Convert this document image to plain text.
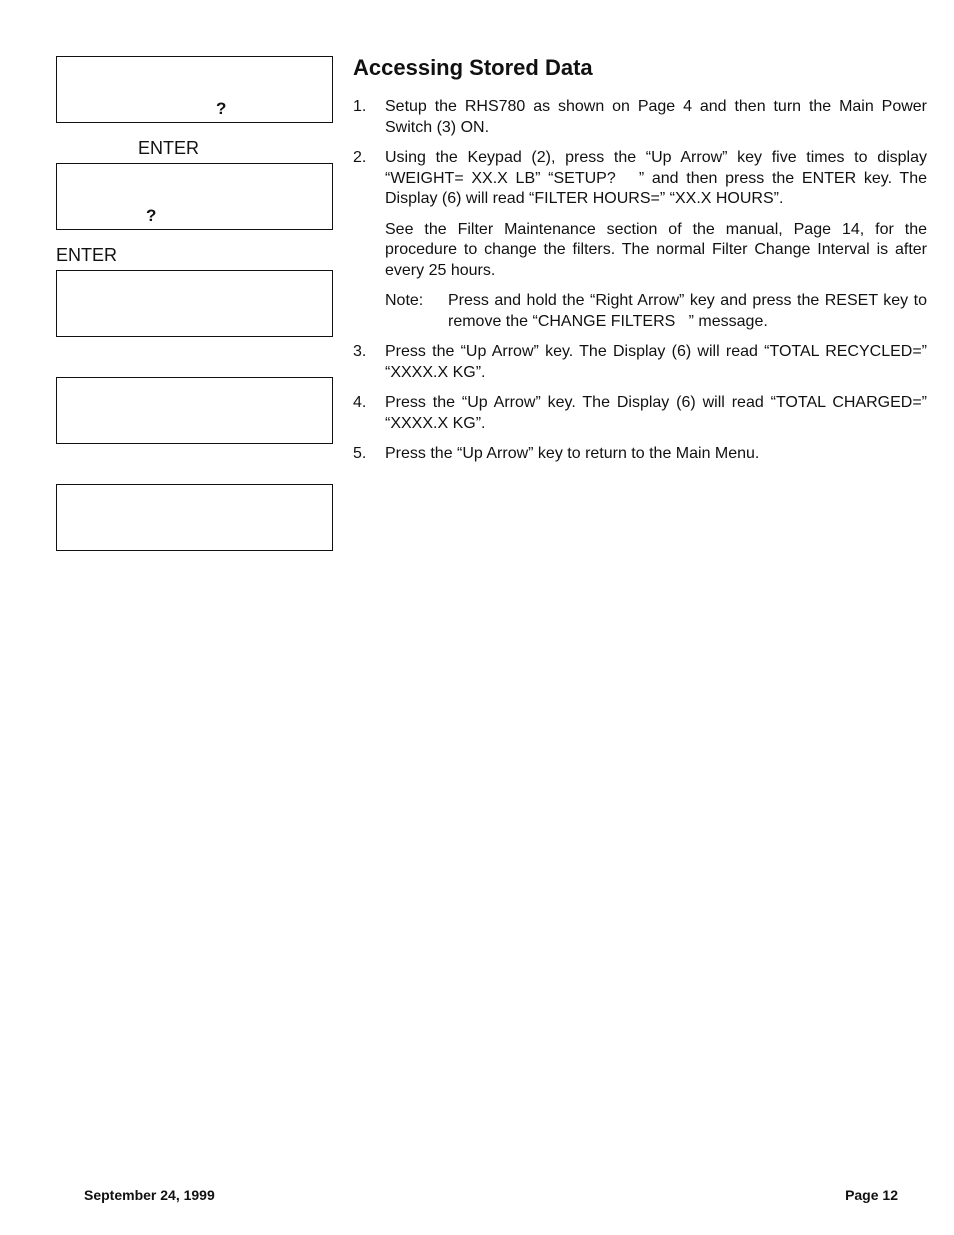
?
ENTER
?
ENTER
Accessing Stored Data
1. Setup the RHS780 as shown on Page 4 and then turn the Main Power Switch (3) ON.
2. Using the Keypad (2), press the “Up Arrow” key five times to display “WEIGHT= XX.X LB” “SETUP?   ” and then press the ENTER key. The Display (6) will read “FILTER HOURS=” “XX.X HOURS”.
See the Filter Maintenance section of the manual, Page 14, for the procedure to change the filters. The normal Filter Change Interval is after every 25 hours.
Note: Press and hold the “Right Arrow” key and press the RESET key to remove the “CHANGE FILTERS   ” message.
3. Press the “Up Arrow” key. The Display (6) will read “TOTAL RECYCLED=” “XXXX.X KG”.
4. Press the “Up Arrow” key. The Display (6) will read “TOTAL CHARGED=” “XXXX.X KG”.
5. Press the “Up Arrow” key to return to the Main Menu.
September 24, 1999	Page 12
